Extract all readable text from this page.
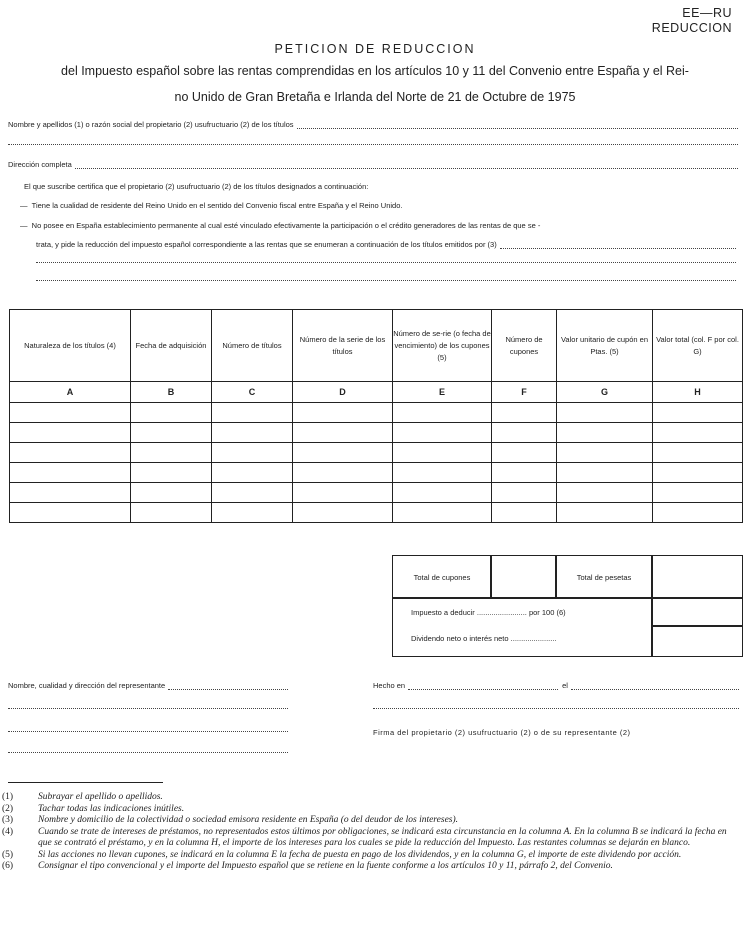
EE—RU
REDUCCION
PETICION DE REDUCCION
del Impuesto español sobre las rentas comprendidas en los artículos 10 y 11 del Convenio entre España y el Rei-
no Unido de Gran Bretaña e Irlanda del Norte de 21 de Octubre de 1975
Nombre y apellidos (1) o razón social del propietario (2) usufructuario (2) de los títulos
Dirección completa
El que suscribe certifica que el propietario (2) usufructuario (2) de los títulos designados a continuación:
—  Tiene la cualidad de residente del Reino Unido en el sentido del Convenio fiscal entre España y el Reino Unido.
—  No posee en España establecimiento permanente al cual esté vinculado efectivamente la participación o el crédito generadores de las rentas de que se -
trata, y pide la reducción del impuesto español correspondiente a las rentas que se enumeran a continuación de los títulos emitidos por (3)
Naturaleza de los títulos (4)	Fecha de adquisición	Número de títulos	Número de la serie de los títulos	Número de se-rie (o fecha de vencimiento) de los cupones (5)	Número de cupones	Valor unitario de cupón en Ptas. (5)	Valor total (col. F por col. G)
A	B	C	D	E	F	G	H

Total de cupones	Total de pesetas
Impuesto a deducir ........................ por 100 (6)
Dividendo neto o interés neto ......................
Nombre, cualidad y dirección del representante	Hecho en	el
Firma del propietario (2) usufructuario (2) o de su representante (2)
(1)	Subrayar el apellido o apellidos.
(2)	Tachar todas las indicaciones inútiles.
(3)	Nombre y domicilio de la colectividad o sociedad emisora residente en España (o del deudor de los intereses).
(4)	Cuando se trate de intereses de préstamos, no representados estos últimos por obligaciones, se indicará esta circunstancia en la columna A. En la columna B se indicará la fecha en que se contrató el préstamo, y en la columna H, el importe de los intereses para los cuales se pide la reducción del Impuesto. Las restantes columnas se dejarán en blanco.
(5)	Si las acciones no llevan cupones, se indicará en la columna E la fecha de puesta en pago de los dividendos, y en la columna G, el importe de este dividendo por acción.
(6)	Consignar el tipo convencional y el importe del Impuesto español que se retiene en la fuente conforme a los artículos 10 y 11, párrafo 2, del Convenio.
